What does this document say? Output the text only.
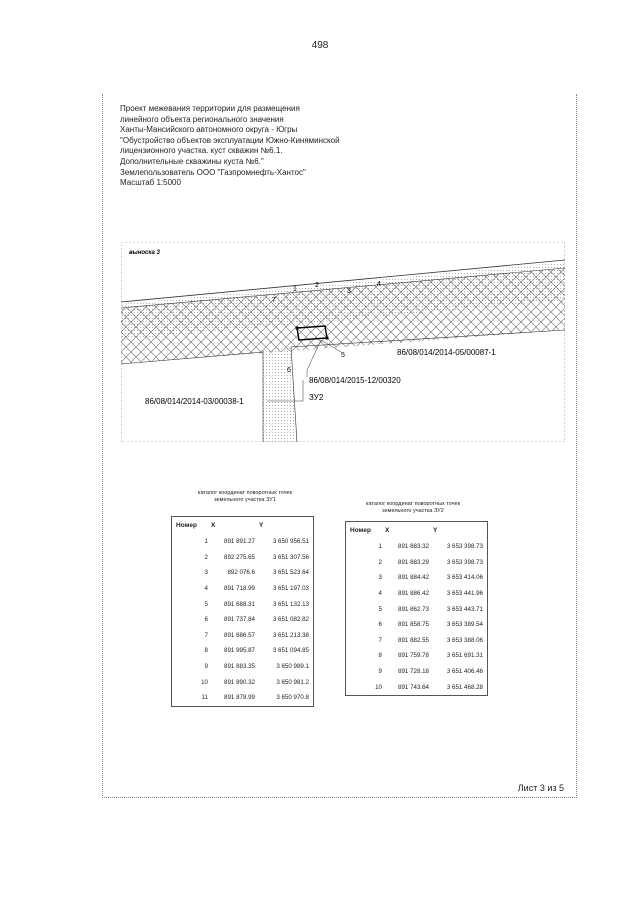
498
Проект межевания территории для размещения
линейного объекта регионального значения
Ханты-Мансийского автономного округа - Югры
"Обустройство объектов эксплуатации Южно-Киняминской
лицензионного участка. куст скважин №6.1.
Дополнительные скважины куста №6."
Землепользователь ООО "Газпромнефть-Хантос"
Масштаб 1:5000
выноска 3
1
2
3
4
5
6
7
86/08/014/2014-05/00087-1
86/08/014/2015-12/00320
86/08/014/2014-03/00038-1	ЗУ2
каталог координат поворотных точек
земельного участка ЗУ1
Номер	X	Y
1	891 891.27	3 650 956.51
2	892 275.65	3 651 307.56
3	892 076.6	3 651 523.64
4	891 718.99	3 651 197.03
5	891 688.31	3 651 132.13
6	891 737.84	3 651 082.82
7	891 886.57	3 651 213.38
8	891 995.87	3 651 094.85
9	891 883.35	3 650 989.1
10	891 890.32	3 650 981.2
11	891 878.99	3 650 970.8
каталог координат поворотных точек
земельного участка ЗУ2
Номер	X	Y
1	891 883.32	3 653 398.73
2	891 883.29	3 653 398.73
3	891 884.42	3 653 414.06
4	891 886.42	3 653 441.96
5	891 862.73	3 653 443.71
6	891 858.75	3 653 389.54
7	891 882.55	3 653 388.06
8	891 759.78	3 651 691.31
9	891 728.18	3 651 406.46
10	891 743.64	3 651 468.28
Лист 3 из 5
